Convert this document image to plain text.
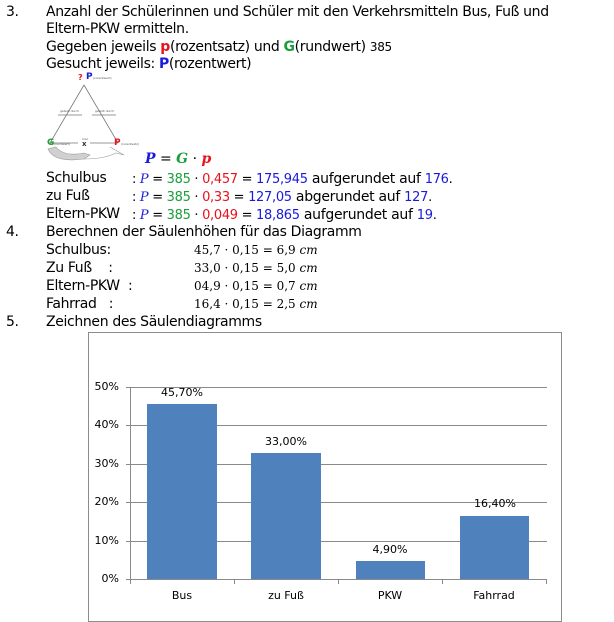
3. Anzahl der Schülerinnen und Schüler mit den Verkehrsmitteln Bus, Fuß und
Eltern-PKW ermitteln.
Gegeben jeweils p(rozentsatz) und G(rundwert) 385
Gesucht jeweils: P(rozentwert)
? P (rozentwert)
geteilt durch	geteilt durch
mal
x
G (rundwert)	P (rozentsatz)
P = G · p
Schulbus : P = 385 · 0,457 = 175,945 aufgerundet auf 176.
zu Fuß	: P = 385 · 0,33 = 127,05 abgerundet auf 127.
Eltern-PKW : P = 385 · 0,049 = 18,865 aufgerundet auf 19.
4. Berechnen der Säulenhöhen für das Diagramm
Schulbus:	45,7 · 0,15 = 6,9 cm
Zu Fuß    :	33,0 · 0,15 = 5,0 cm
Eltern-PKW  :	04,9 · 0,15 = 0,7 cm
Fahrrad   :	16,4 · 0,15 = 2,5 cm
5. Zeichnen des Säulendiagramms
50%
40%
30%
20%
10%
0%
45,70%
33,00%
4,90%
16,40%
Bus	zu Fuß	PKW	Fahrrad
